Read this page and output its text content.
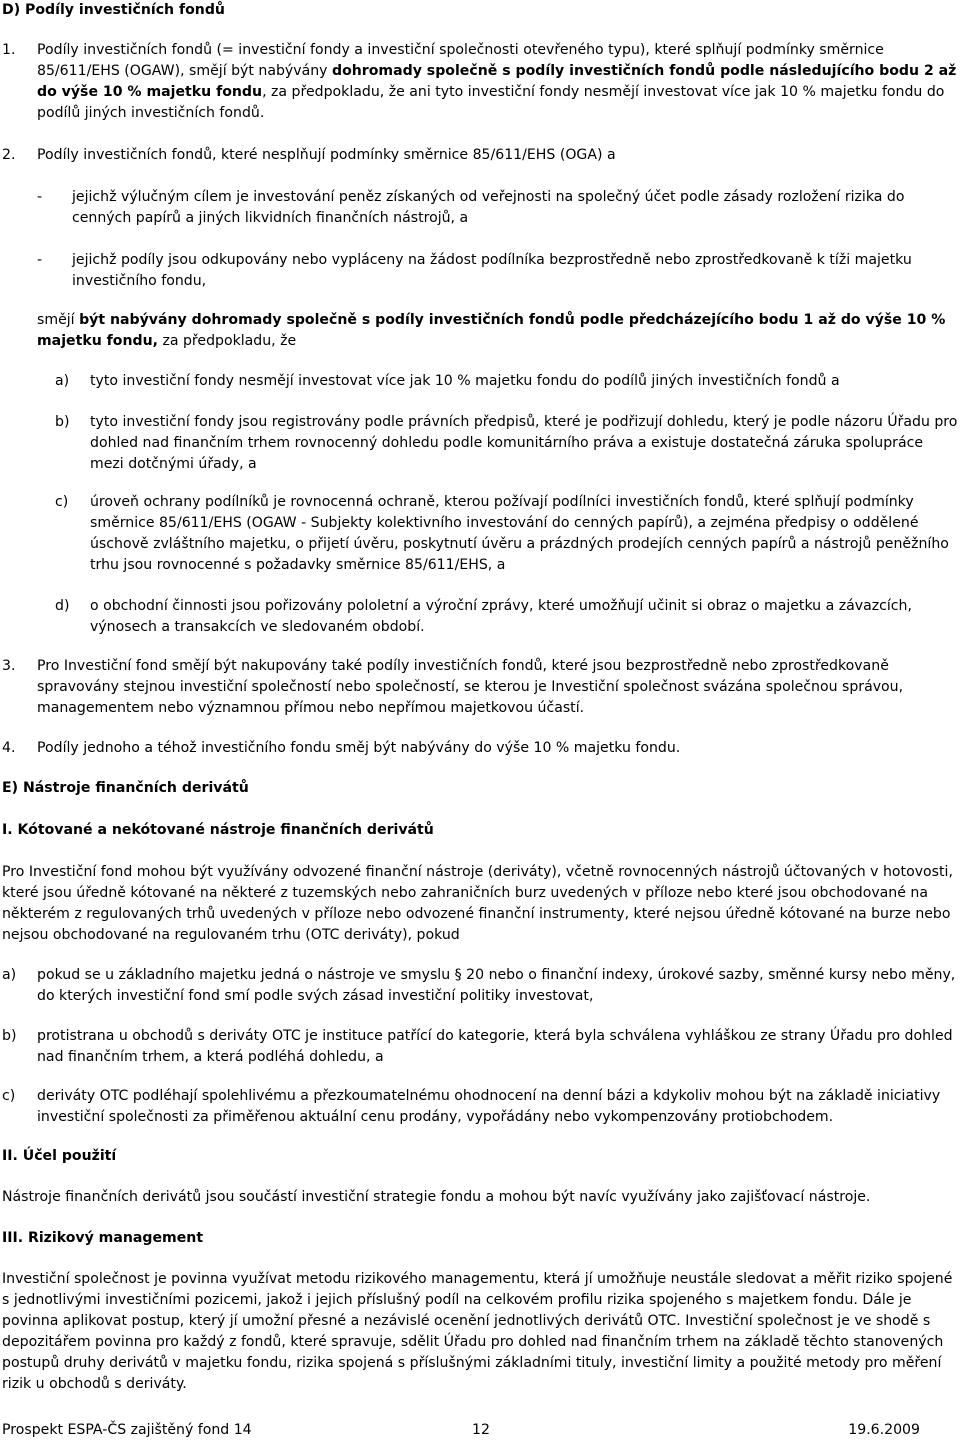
D) Podíly investičních fondů
1. Podíly investičních fondů (= investiční fondy a investiční společnosti otevřeného typu), které splňují podmínky směrnice 85/611/EHS (OGAW), smějí být nabývány dohromady společně s podíly investičních fondů podle následujícího bodu 2 až do výše 10 % majetku fondu, za předpokladu, že ani tyto investiční fondy nesmějí investovat více jak 10 % majetku fondu do podílů jiných investičních fondů.
2. Podíly investičních fondů, které nesplňují podmínky směrnice 85/611/EHS (OGA) a
- jejichž výlučným cílem je investování peněz získaných od veřejnosti na společný účet podle zásady rozložení rizika do cenných papírů a jiných likvidních finančních nástrojů, a
- jejichž podíly jsou odkupovány nebo vypláceny na žádost podílníka bezprostředně nebo zprostředkovaně k tíži majetku investičního fondu,
smějí být nabývány dohromady společně s podíly investičních fondů podle předcházejícího bodu 1 až do výše 10 % majetku fondu, za předpokladu, že
a) tyto investiční fondy nesmějí investovat více jak 10 % majetku fondu do podílů jiných investičních fondů a
b) tyto investiční fondy jsou registrovány podle právních předpisů, které je podřizují dohledu, který je podle názoru Úřadu pro dohled nad finančním trhem rovnocenný dohledu podle komunitárního práva a existuje dostatečná záruka spolupráce mezi dotčnými úřady, a
c) úroveň ochrany podílníků je rovnocenná ochraně, kterou požívají podílníci investičních fondů, které splňují podmínky směrnice 85/611/EHS (OGAW - Subjekty kolektivního investování do cenných papírů), a zejména předpisy o oddělené úschově zvláštního majetku, o přijetí úvěru, poskytnutí úvěru a prázdných prodejích cenných papírů a nástrojů peněžního trhu jsou rovnocenné s požadavky směrnice 85/611/EHS, a
d) o obchodní činnosti jsou pořizovány pololetní a výroční zprávy, které umožňují učinit si obraz o majetku a závazcích, výnosech a transakcích ve sledovaném období.
3. Pro Investiční fond smějí být nakupovány také podíly investičních fondů, které jsou bezprostředně nebo zprostředkovaně spravovány stejnou investiční společností nebo společností, se kterou je Investiční společnost svázána společnou správou, managementem nebo významnou přímou nebo nepřímou majetkovou účastí.
4. Podíly jednoho a téhož investičního fondu směj být nabývány do výše 10 % majetku fondu.
E) Nástroje finančních derivátů
I. Kótované a nekótované nástroje finančních derivátů
Pro Investiční fond mohou být využívány odvozené finanční nástroje (deriváty), včetně rovnocenných nástrojů účtovaných v hotovosti, které jsou úředně kótované na některé z tuzemských nebo zahraničních burz uvedených v příloze nebo které jsou obchodované na některém z regulovaných trhů uvedených v příloze nebo odvozené finanční instrumenty, které nejsou úředně kótované na burze nebo nejsou obchodované na regulovaném trhu (OTC deriváty), pokud
a) pokud se u základního majetku jedná o nástroje ve smyslu § 20 nebo o finanční indexy, úrokové sazby, směnné kursy nebo měny, do kterých investiční fond smí podle svých zásad investiční politiky investovat,
b) protistrana u obchodů s deriváty OTC je instituce patřící do kategorie, která byla schválena vyhláškou ze strany Úřadu pro dohled nad finančním trhem, a která podléhá dohledu, a
c) deriváty OTC podléhají spolehlivému a přezkoumatelnému ohodnocení na denní bázi a kdykoliv mohou být na základě iniciativy investiční společnosti za přiměřenou aktuální cenu prodány, vypořádány nebo vykompenzovány protiobchodem.
II. Účel použití
Nástroje finančních derivátů jsou součástí investiční strategie fondu a mohou být navíc využívány jako zajišťovací nástroje.
III. Rizikový management
Investiční společnost je povinna využívat metodu rizikového managementu, která jí umožňuje neustále sledovat a měřit riziko spojené s jednotlivými investičními pozicemi, jakož i jejich příslušný podíl na celkovém profilu rizika spojeného s majetkem fondu. Dále je povinna aplikovat postup, který jí umožní přesné a nezávislé ocenění jednotlivých derivátů OTC. Investiční společnost je ve shodě s depozitářem povinna pro každý z fondů, které spravuje, sdělit Úřadu pro dohled nad finančním trhem na základě těchto stanovených postupů druhy derivátů v majetku fondu, rizika spojená s příslušnými základními tituly, investiční limity a použité metody pro měření rizik u obchodů s deriváty.
Prospekt ESPA-ČS zajištěný fond 14	12	19.6.2009
